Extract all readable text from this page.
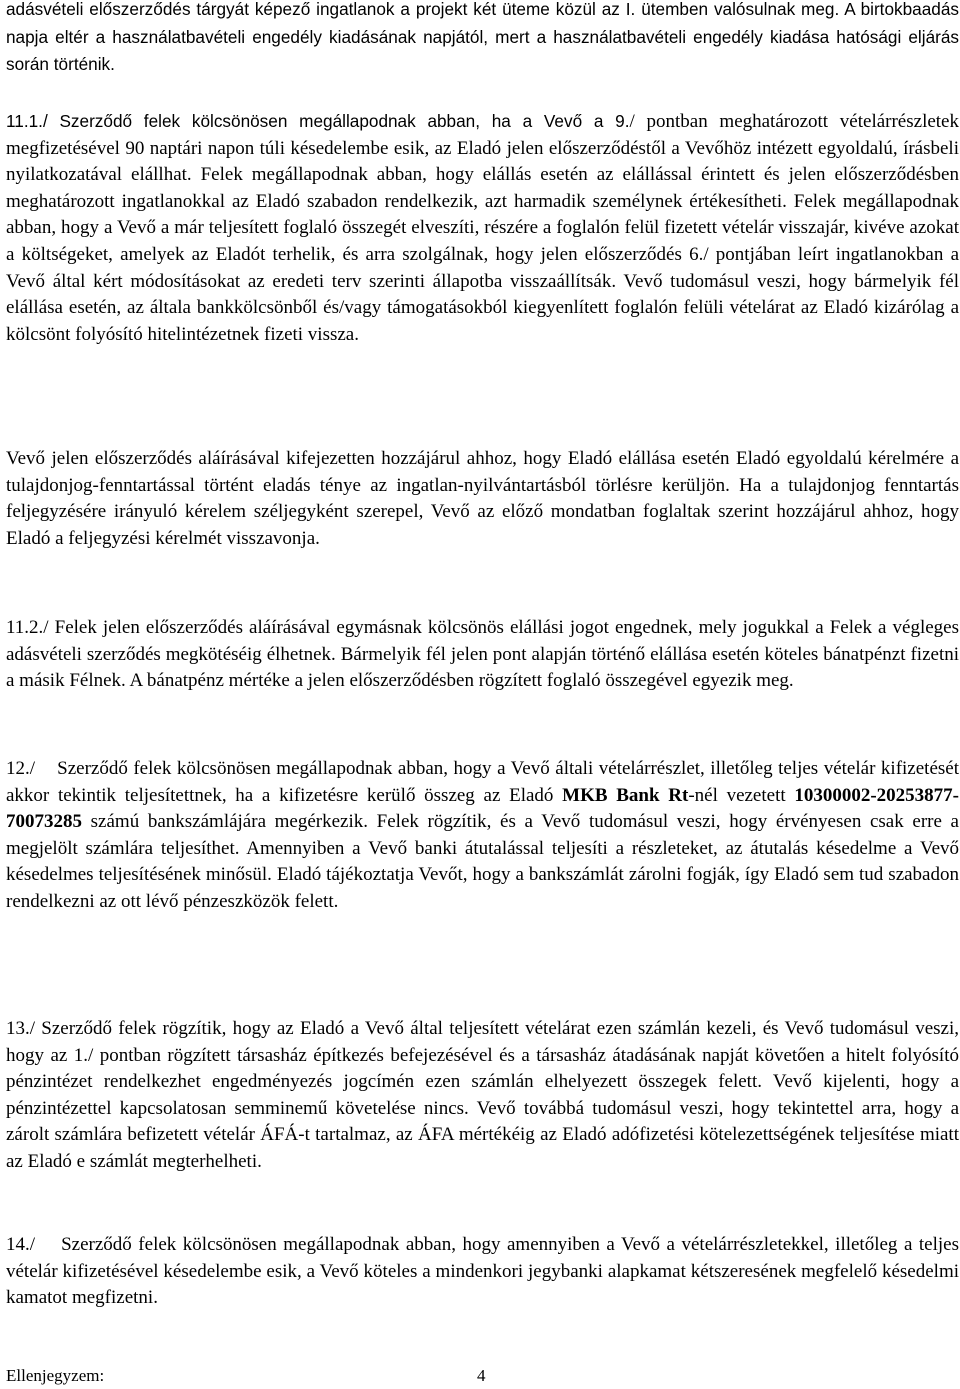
adásvételi előszerződés tárgyát képező ingatlanok a projekt két üteme közül az I. ütemben valósulnak meg. A birtokbaadás napja eltér a használatbavételi engedély kiadásának napjától, mert a használatbavételi engedély kiadása hatósági eljárás során történik.

11.1./ Szerződő felek kölcsönösen megállapodnak abban, ha a Vevő a 9./ pontban meghatározott vételárrészletek megfizetésével 90 naptári napon túli késedelembe esik, az Eladó jelen előszerződéstől a Vevőhöz intézett egyoldalú, írásbeli nyilatkozatával elállhat. Felek megállapodnak abban, hogy elállás esetén az elállással érintett és jelen előszerződésben meghatározott ingatlanokkal az Eladó szabadon rendelkezik, azt harmadik személynek értékesítheti. Felek megállapodnak abban, hogy a Vevő a már teljesített foglaló összegét elveszíti, részére a foglalón felül fizetett vételár visszajár, kivéve azokat a költségeket, amelyek az Eladót terhelik, és arra szolgálnak, hogy jelen előszerződés 6./ pontjában leírt ingatlanokban a Vevő által kért módosításokat az eredeti terv szerinti állapotba visszaállítsák. Vevő tudomásul veszi, hogy bármelyik fél elállása esetén, az általa bankkölcsönből és/vagy támogatásokból kiegyenlített foglalón felüli vételárat az Eladó kizárólag a kölcsönt folyósító hitelintézetnek fizeti vissza.

Vevő jelen előszerződés aláírásával kifejezetten hozzájárul ahhoz, hogy Eladó elállása esetén Eladó egyoldalú kérelmére a tulajdonjog-fenntartással történt eladás ténye az ingatlan-nyilvántartásból törlésre kerüljön. Ha a tulajdonjog fenntartás feljegyzésére irányuló kérelem széljegyként szerepel, Vevő az előző mondatban foglaltak szerint hozzájárul ahhoz, hogy Eladó a feljegyzési kérelmét visszavonja.

11.2./ Felek jelen előszerződés aláírásával egymásnak kölcsönös elállási jogot engednek, mely jogukkal a Felek a végleges adásvételi szerződés megkötéséig élhetnek. Bármelyik fél jelen pont alapján történő elállása esetén köteles bánatpénzt fizetni a másik Félnek. A bánatpénz mértéke a jelen előszerződésben rögzített foglaló összegével egyezik meg.

12./    Szerződő felek kölcsönösen megállapodnak abban, hogy a Vevő általi vételárrészlet, illetőleg teljes vételár kifizetését akkor tekintik teljesítettnek, ha a kifizetésre kerülő összeg az Eladó MKB Bank Rt-nél vezetett 10300002-20253877-70073285 számú bankszámlájára megérkezik. Felek rögzítik, és a Vevő tudomásul veszi, hogy érvényesen csak erre a megjelölt számlára teljesíthet. Amennyiben a Vevő banki átutalással teljesíti a részleteket, az átutalás késedelme a Vevő késedelmes teljesítésének minősül. Eladó tájékoztatja Vevőt, hogy a bankszámlát zárolni fogják, így Eladó sem tud szabadon rendelkezni az ott lévő pénzeszközök felett.

13./ Szerződő felek rögzítik, hogy az Eladó a Vevő által teljesített vételárat ezen számlán kezeli, és Vevő tudomásul veszi, hogy az 1./ pontban rögzített társasház építkezés befejezésével és a társasház átadásának napját követően a hitelt folyósító pénzintézet rendelkezhet engedményezés jogcímén ezen számlán elhelyezett összegek felett. Vevő kijelenti, hogy a pénzintézettel kapcsolatosan semminemű követelése nincs. Vevő továbbá tudomásul veszi, hogy tekintettel arra, hogy a zárolt számlára befizetett vételár ÁFÁ-t tartalmaz, az ÁFA mértékéig az Eladó adófizetési kötelezettségének teljesítése miatt az Eladó e számlát megterhelheti.

14./    Szerződő felek kölcsönösen megállapodnak abban, hogy amennyiben a Vevő a vételárrészletekkel, illetőleg a teljes vételár kifizetésével késedelembe esik, a Vevő köteles a mindenkori jegybanki alapkamat kétszeresének megfelelő késedelmi kamatot megfizetni.

Ellenjegyzem:	4
